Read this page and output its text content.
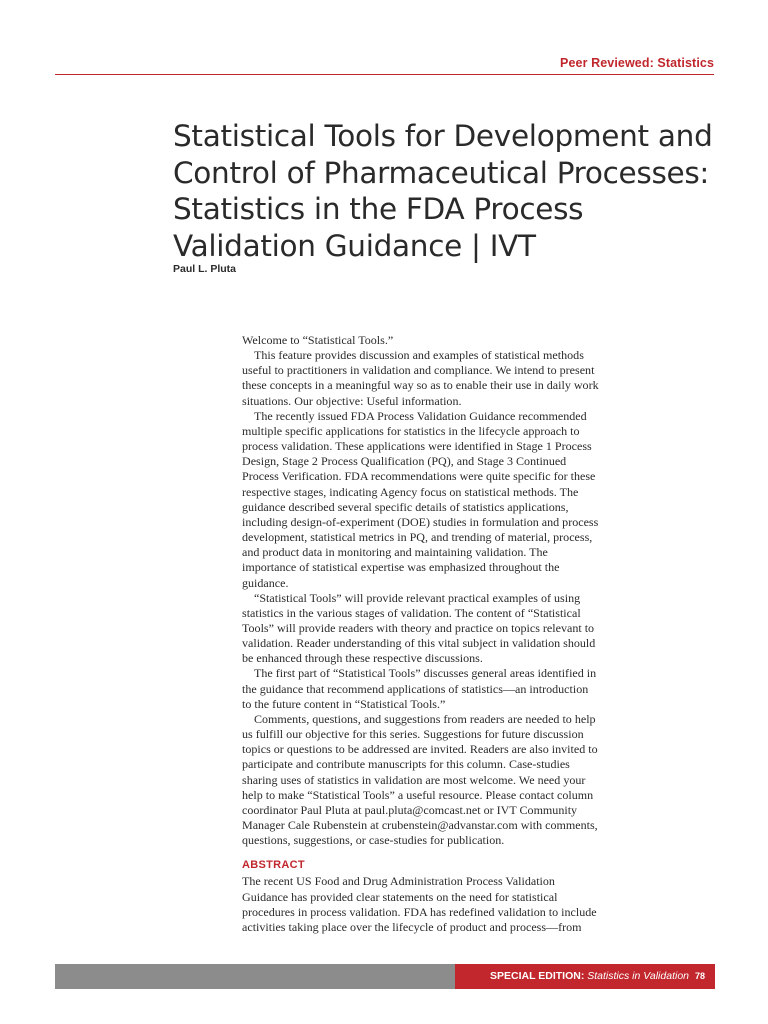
Peer Reviewed: Statistics
Statistical Tools for Development and Control of Pharmaceutical Processes: Statistics in the FDA Process Validation Guidance | IVT
Paul L. Pluta

Welcome to “Statistical Tools.”

This feature provides discussion and examples of statistical methods useful to practitioners in validation and compliance. We intend to present these concepts in a meaningful way so as to enable their use in daily work situations. Our objective: Useful information.

The recently issued FDA Process Validation Guidance recommended multiple specific applications for statistics in the lifecycle approach to process validation. These applications were identified in Stage 1 Process Design, Stage 2 Process Qualification (PQ), and Stage 3 Continued Process Verification. FDA recommendations were quite specific for these respective stages, indicating Agency focus on statistical methods. The guidance described several specific details of statistics applications, including design-of-experiment (DOE) studies in formulation and process development, statistical metrics in PQ, and trending of material, process, and product data in monitoring and maintaining validation. The importance of statistical expertise was emphasized throughout the guidance.

“Statistical Tools” will provide relevant practical examples of using statistics in the various stages of validation. The content of “Statistical Tools” will provide readers with theory and practice on topics relevant to validation. Reader understanding of this vital subject in validation should be enhanced through these respective discussions.

The first part of “Statistical Tools” discusses general areas identified in the guidance that recommend applications of statistics—an introduction to the future content in “Statistical Tools.”

Comments, questions, and suggestions from readers are needed to help us fulfill our objective for this series. Suggestions for future discussion topics or questions to be addressed are invited. Readers are also invited to participate and contribute manuscripts for this column. Case-studies sharing uses of statistics in validation are most welcome. We need your help to make “Statistical Tools” a useful resource. Please contact column coordinator Paul Pluta at paul.pluta@comcast.net or IVT Community Manager Cale Rubenstein at crubenstein@advanstar.com with comments, questions, suggestions, or case-studies for publication.

ABSTRACT

The recent US Food and Drug Administration Process Validation Guidance has provided clear statements on the need for statistical procedures in process validation. FDA has redefined validation to include activities taking place over the lifecycle of product and process—from

SPECIAL EDITION: Statistics in Validation 78
